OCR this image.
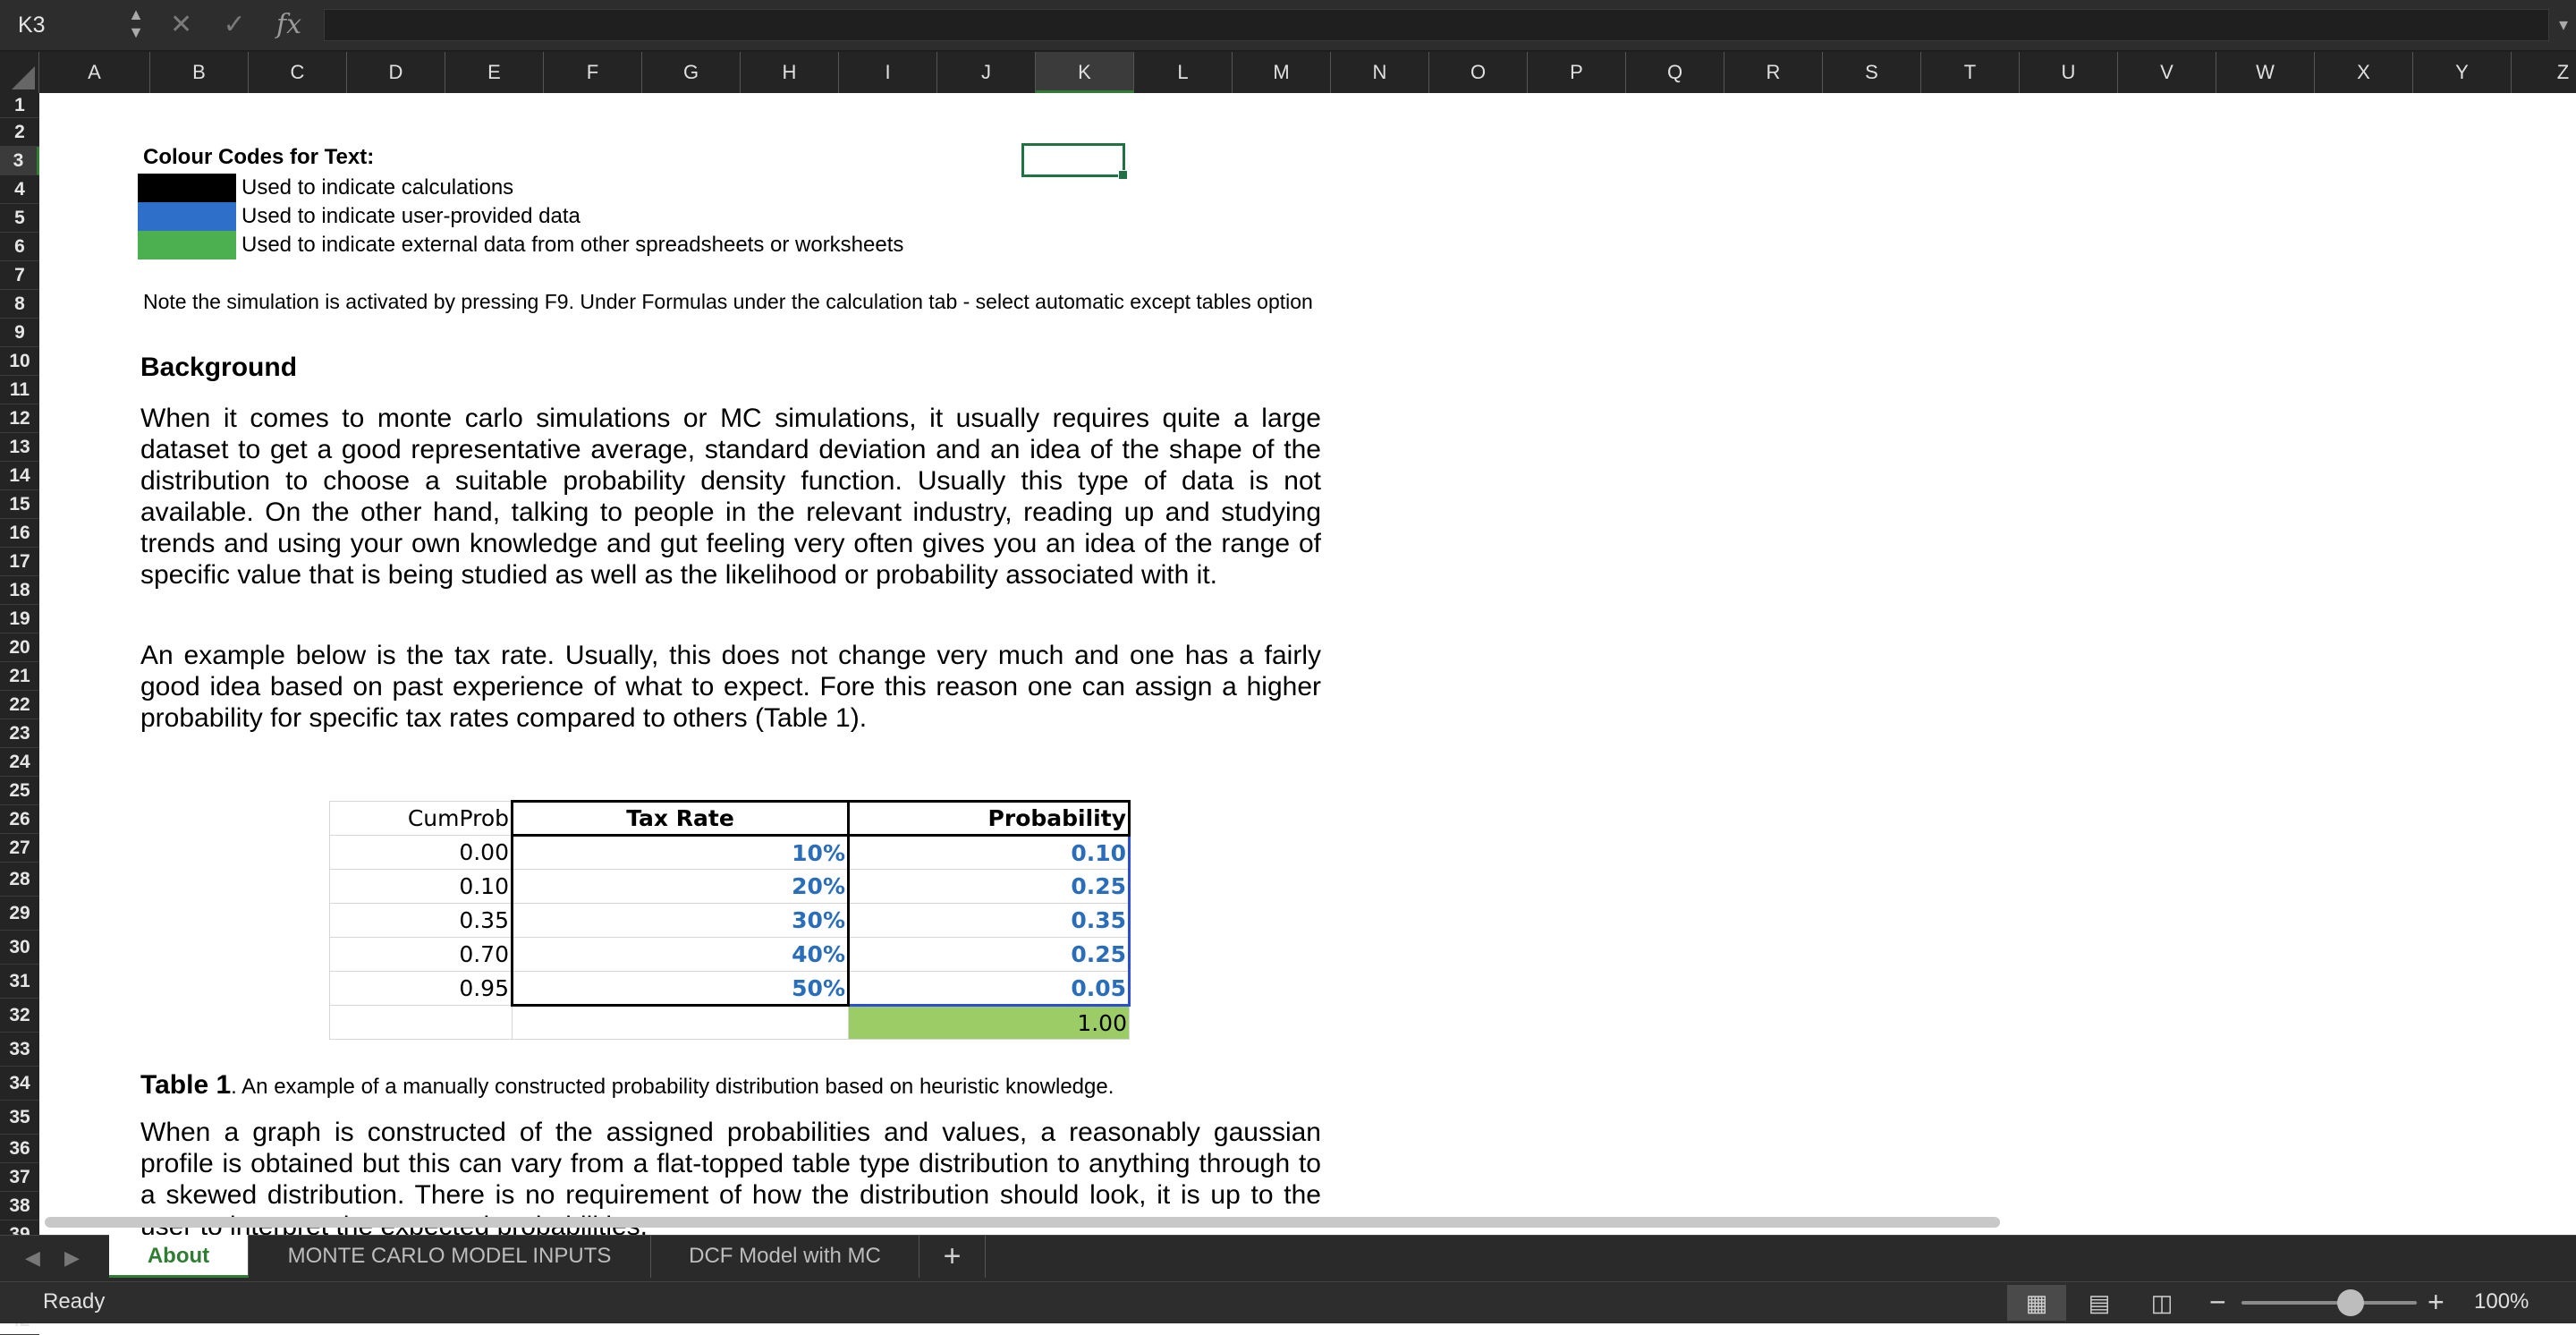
K3	▲
▼ ✕ ✓ fx	▾
A	B	C	D	E	F	G	H	I	J	K	L	M	N	O	P	Q	R	S	T	U	V	W	X	Y	Z
1
2
3
4
5
6
7
8
9
10
11
12
13
14
15
16
17
18
19
20
21
22
23
24
25
26
27
28
29
30
31
32
33
34
35
36
37
38
Colour Codes for Text:
Used to indicate calculations
Used to indicate user-provided data
Used to indicate external data from other spreadsheets or worksheets
Note the simulation is activated by pressing F9. Under Formulas under the calculation tab - select automatic except tables option
Background
When it comes to monte carlo simulations or MC simulations, it usually requires quite a large dataset to get a good representative average, standard deviation and an idea of the shape of the distribution to choose a suitable probability density function. Usually this type of data is not available. On the other hand, talking to people in the relevant industry, reading up and studying trends and using your own knowledge and gut feeling very often gives you an idea of the range of specific value that is being studied as well as the likelihood or probability associated with it.
An example below is the tax rate. Usually, this does not change very much and one has a fairly good idea based on past experience of what to expect. Fore this reason one can assign a higher probability for specific tax rates compared to others (Table 1).
CumProb	Tax Rate	Probability
0.00	10%	0.10
0.10	20%	0.25
0.35	30%	0.35
0.70	40%	0.25
0.95	50%	0.05
		1.00
Table 1. An example of a manually constructed probability distribution based on heuristic knowledge.
When a graph is constructed of the assigned probabilities and values, a reasonably gaussian profile is obtained but this can vary from a flat-topped table type distribution to anything through to a skewed distribution. There is no requirement of how the distribution should look, it is up to the
◀ ▶	About	MONTE CARLO MODEL INPUTS	DCF Model with MC	+
Ready	▦	▤	◫	−	+ 100%
